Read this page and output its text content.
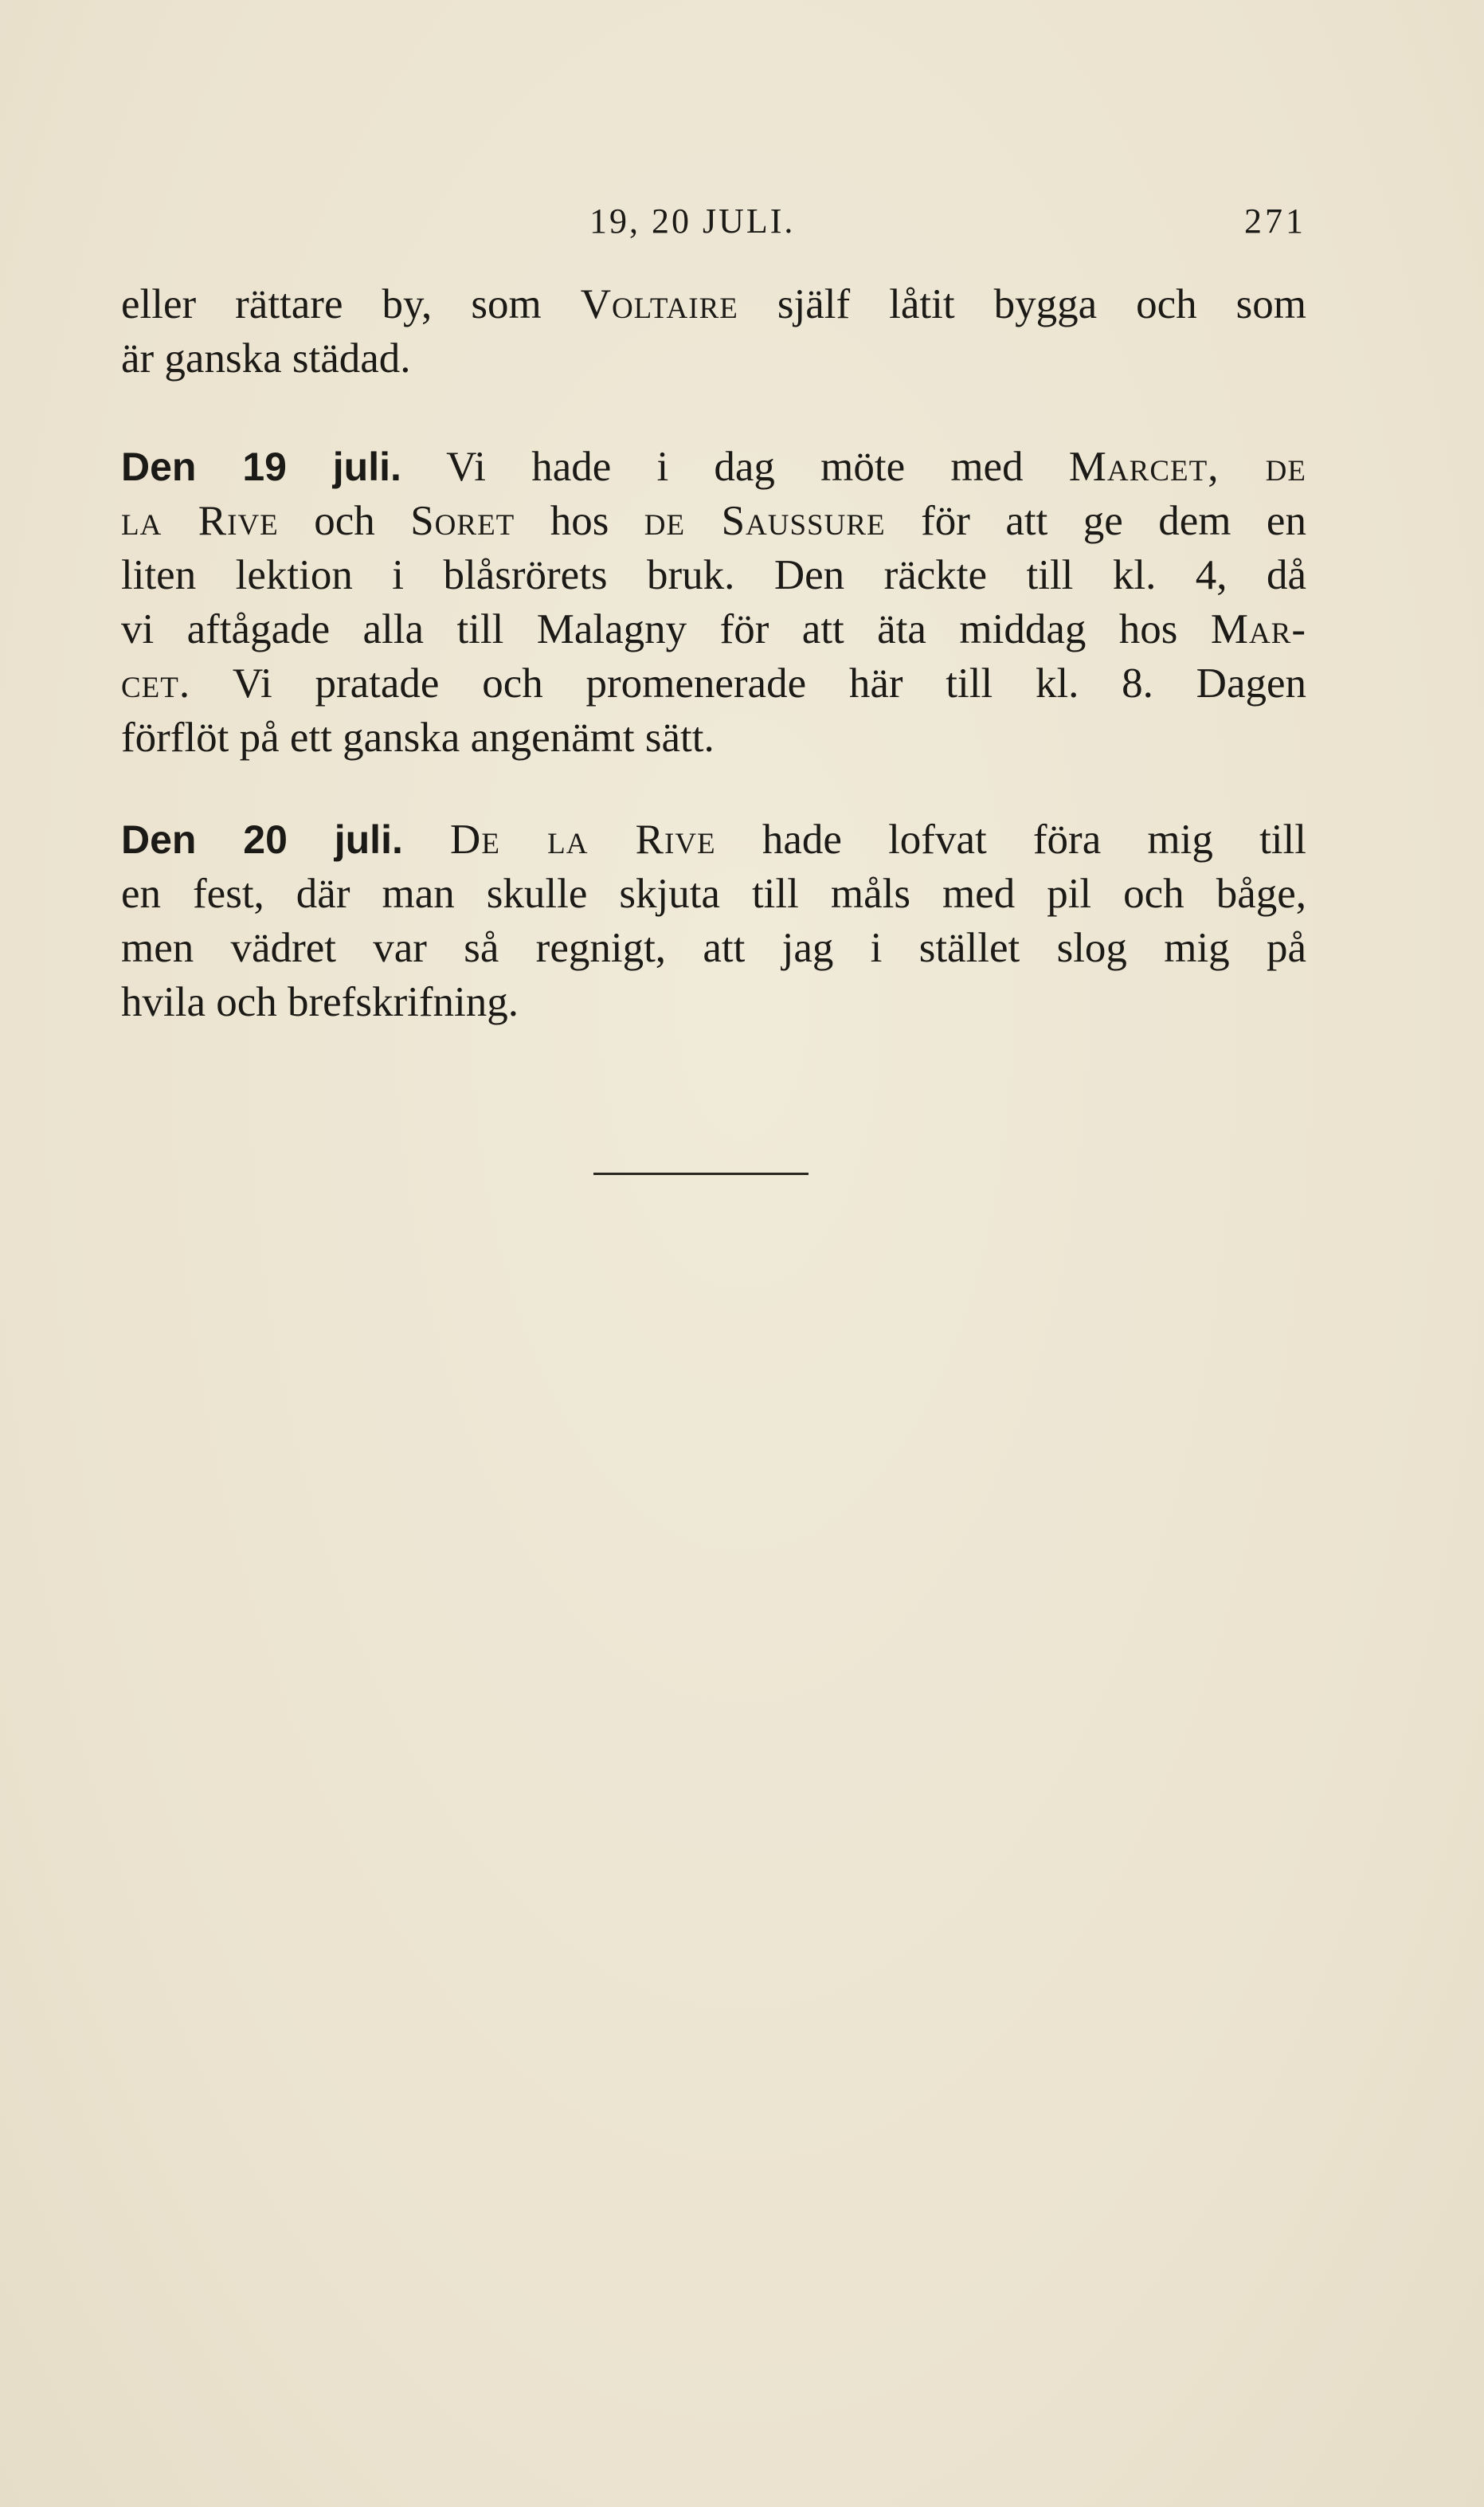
19, 20 JULI.	271
eller rättare by, som Voltaire själf låtit bygga och som
är ganska städad.
Den 19 juli. Vi hade i dag möte med Marcet, de
la Rive och Soret hos de Saussure för att ge dem en
liten lektion i blåsrörets bruk. Den räckte till kl. 4, då
vi aftågade alla till Malagny för att äta middag hos Mar-
cet. Vi pratade och promenerade här till kl. 8. Dagen
förflöt på ett ganska angenämt sätt.
Den 20 juli. De la Rive hade lofvat föra mig till
en fest, där man skulle skjuta till måls med pil och båge,
men vädret var så regnigt, att jag i stället slog mig på
hvila och brefskrifning.
